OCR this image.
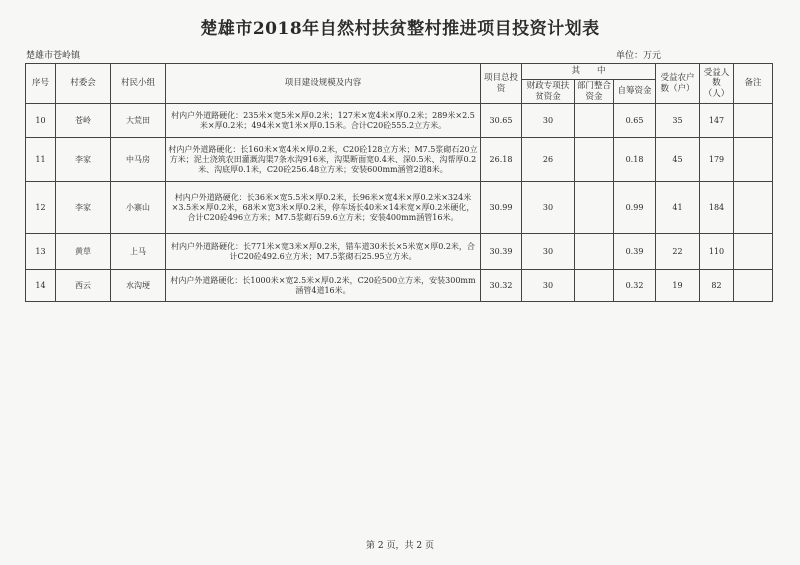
楚雄市2018年自然村扶贫整村推进项目投资计划表
楚雄市苍岭镇	单位：万元
序号	村委会	村民小组	项目建设规模及内容	项目总投资	其　　中			受益农户数（户）	受益人数（人）	备注
					财政专项扶贫资金	部门整合资金	自筹资金			
10	苍岭	大荒田	村内户外道路硬化：235米×宽5米×厚0.2米；127米×宽4米×厚0.2米；289米×2.5米×厚0.2米；494米×宽1米×厚0.15米。合计C20砼555.2立方米。	30.65	30		0.65	35	147	
11	李家	中马房	村内户外道路硬化：长160米×宽4米×厚0.2米，C20砼128立方米；M7.5浆砌石20立方米；泥土浇筑农田灌溉沟渠7条水沟916米，沟渠断面宽0.4米、深0.5米、沟帮厚0.2米、沟底厚0.1米，C20砼256.48立方米；安装600mm涵管2道8米。	26.18	26		0.18	45	179	
12	李家	小寨山	村内户外道路硬化：长36米×宽5.5米×厚0.2米，长96米×宽4米×厚0.2米×324米×3.5米×厚0.2米，68米×宽3米×厚0.2米，停车场长40米×14米宽×厚0.2米硬化，合计C20砼496立方米；M7.5浆砌石59.6立方米；安装400mm涵管16米。	30.99	30		0.99	41	184	
13	黄草	上马	村内户外道路硬化：长771米×宽3米×厚0.2米，错车道30米长×5米宽×厚0.2米，合计C20砼492.6立方米；M7.5浆砌石25.95立方米。	30.39	30		0.39	22	110	
14	西云	水沟埂	村内户外道路硬化：长1000米×宽2.5米×厚0.2米，C20砼500立方米，安装300mm涵管4道16米。	30.32	30		0.32	19	82	
第 2 页，共 2 页
